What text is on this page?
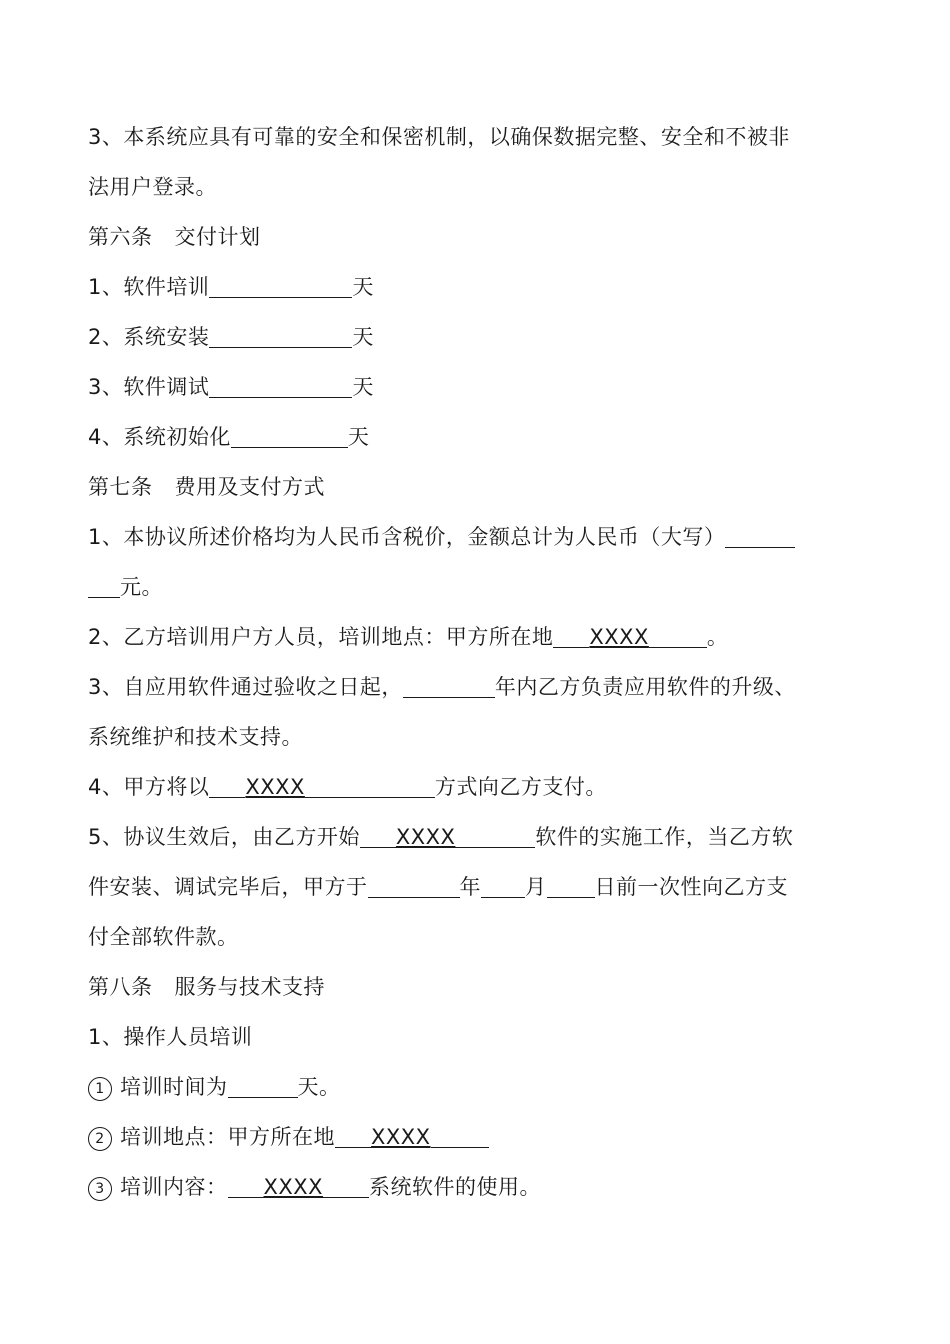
3、本系统应具有可靠的安全和保密机制，以确保数据完整、安全和不被非
法用户登录。
第六条 交付计划
1、软件培训	天
2、系统安装	天
3、软件调试	天
4、系统初始化	天
第七条 费用及支付方式
1、本协议所述价格均为人民币含税价，金额总计为人民币（大写）
元。
2、乙方培训用户方人员，培训地点：甲方所在地 XXXX	。
3、自应用软件通过验收之日起，	年内乙方负责应用软件的升级、
系统维护和技术支持。
4、甲方将以 XXXX	方式向乙方支付。
5、协议生效后，由乙方开始 XXXX	软件的实施工作，当乙方软
件安装、调试完毕后，甲方于	年 月 日前一次性向乙方支
付全部软件款。
第八条 服务与技术支持
1、操作人员培训
1 培训时间为	天。
2 培训地点：甲方所在地 XXXX
3 培训内容： XXXX 系统软件的使用。
